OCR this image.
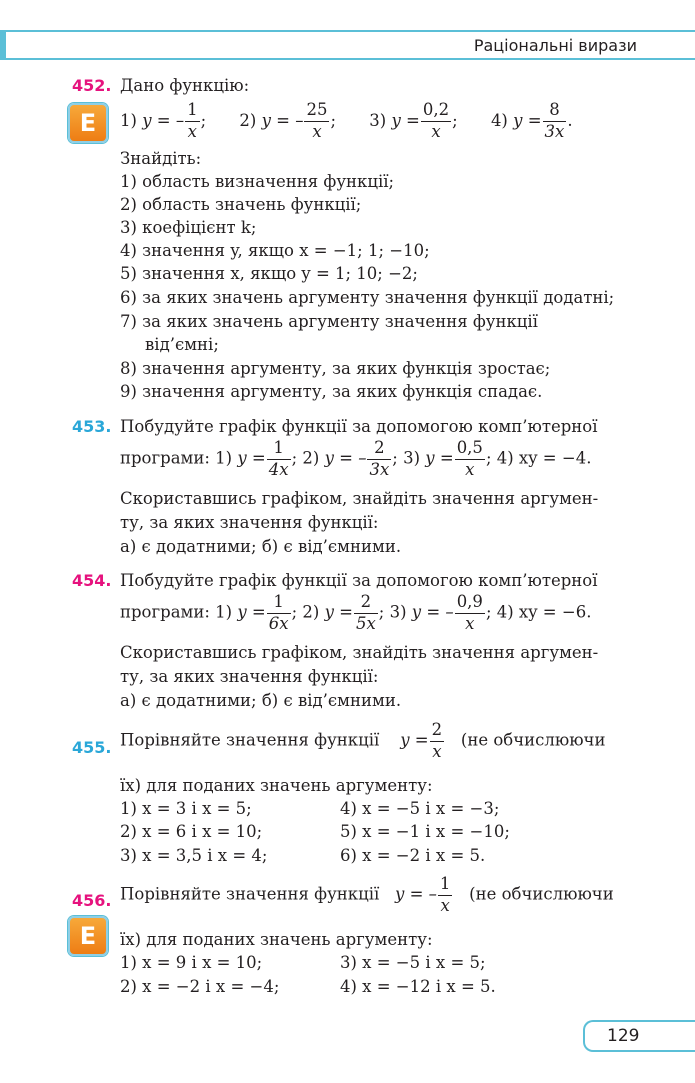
Раціональні вирази
452. Дано функцію:
E	1) y = – $\frac{1}{x}$ ; 2) y = – $\frac{25}{x}$ ; 3) $y = \frac{0,2}{x}$ ; 4) $y = \frac{8}{3x}$ .
Знайдіть:
1) область визначення функції;
2) область значень функції;
3) коефіцієнт k;
4) значення y, якщо x = −1; 1; −10;
5) значення x, якщо y = 1; 10; −2;
6) за яких значень аргументу значення функції додатні;
7) за яких значень аргументу значення функції
від’ємні;
8) значення аргументу, за яких функція зростає;
9) значення аргументу, за яких функція спадає.
453. Побудуйте графік функції за допомогою комп’ютерної
програми: 1) $y = \frac{1}{4x}$ ; 2) y = – $\frac{2}{3x}$ ; 3) $y = \frac{0,5}{x}$ ; 4) xy = −4.
Скориставшись графіком, знайдіть значення аргумен-
ту, за яких значення функції:
а) є додатними; б) є від’ємними.
454. Побудуйте графік функції за допомогою комп’ютерної
програми: 1) $y = \frac{1}{6x}$ ; 2) $y = \frac{2}{5x}$ ; 3) y = – $\frac{0,9}{x}$ ; 4) xy = −6.
Скориставшись графіком, знайдіть значення аргумен-
ту, за яких значення функції:
а) є додатними; б) є від’ємними.
455. Порівняйте значення функції $y = \frac{2}{x} (не$ обчислюючи
їх) для поданих значень аргументу:
1) x = 3 і x = 5;
2) x = 6 і x = 10;
3) x = 3,5 і x = 4;
4) x = −5 і x = −3;
5) x = −1 і x = −10;
6) x = −2 і x = 5.
456. Порівняйте значення функції y = – $\frac{1}{x} (не$ обчислюючи
E	їх) для поданих значень аргументу:
1) x = 9 і x = 10;
2) x = −2 і x = −4;
3) x = −5 і x = 5;
4) x = −12 і x = 5.
129
